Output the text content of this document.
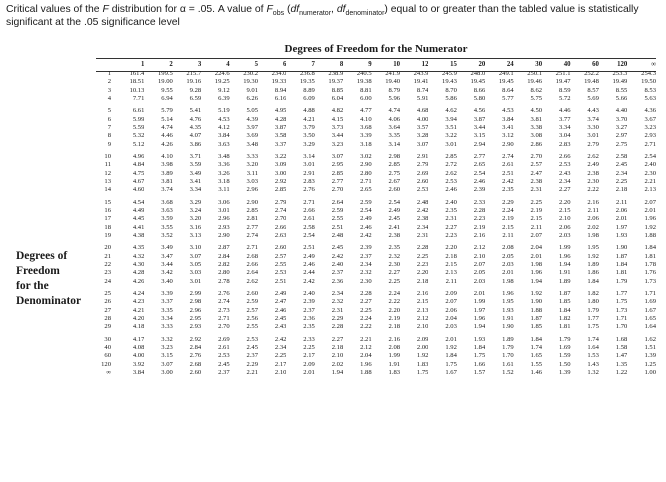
Critical values of the F distribution for α = .05. A value of $F_{obs}$ ($df_{numerator}$, $df_{denominator}$) equal to or greater than the tabled value is statistically significant at the .05 significance level
Degrees of Freedom for the Numerator
Degrees of
Freedom
for the
Denominator
	1	2	3	4	5	6	7	8	9	10	12	15	20	24	30	40	60	120	∞
1	161.4	199.5	215.7	224.6	230.2	234.0	236.8	238.9	240.5	241.9	243.9	245.9	248.0	249.1	250.1	251.1	252.2	253.3	254.3
2	18.51	19.00	19.16	19.25	19.30	19.33	19.35	19.37	19.38	19.40	19.41	19.43	19.45	19.45	19.46	19.47	19.48	19.49	19.50
3	10.13	9.55	9.28	9.12	9.01	8.94	8.89	8.85	8.81	8.79	8.74	8.70	8.66	8.64	8.62	8.59	8.57	8.55	8.53
4	7.71	6.94	6.59	6.39	6.26	6.16	6.09	6.04	6.00	5.96	5.91	5.86	5.80	5.77	5.75	5.72	5.69	5.66	5.63

5	6.61	5.79	5.41	5.19	5.05	4.95	4.88	4.82	4.77	4.74	4.68	4.62	4.56	4.53	4.50	4.46	4.43	4.40	4.36
6	5.99	5.14	4.76	4.53	4.39	4.28	4.21	4.15	4.10	4.06	4.00	3.94	3.87	3.84	3.81	3.77	3.74	3.70	3.67
7	5.59	4.74	4.35	4.12	3.97	3.87	3.79	3.73	3.68	3.64	3.57	3.51	3.44	3.41	3.38	3.34	3.30	3.27	3.23
8	5.32	4.46	4.07	3.84	3.69	3.58	3.50	3.44	3.39	3.35	3.28	3.22	3.15	3.12	3.08	3.04	3.01	2.97	2.93
9	5.12	4.26	3.86	3.63	3.48	3.37	3.29	3.23	3.18	3.14	3.07	3.01	2.94	2.90	2.86	2.83	2.79	2.75	2.71

10	4.96	4.10	3.71	3.48	3.33	3.22	3.14	3.07	3.02	2.98	2.91	2.85	2.77	2.74	2.70	2.66	2.62	2.58	2.54
11	4.84	3.98	3.59	3.36	3.20	3.09	3.01	2.95	2.90	2.85	2.79	2.72	2.65	2.61	2.57	2.53	2.49	2.45	2.40
12	4.75	3.89	3.49	3.26	3.11	3.00	2.91	2.85	2.80	2.75	2.69	2.62	2.54	2.51	2.47	2.43	2.38	2.34	2.30
13	4.67	3.81	3.41	3.18	3.03	2.92	2.83	2.77	2.71	2.67	2.60	2.53	2.46	2.42	2.38	2.34	2.30	2.25	2.21
14	4.60	3.74	3.34	3.11	2.96	2.85	2.76	2.70	2.65	2.60	2.53	2.46	2.39	2.35	2.31	2.27	2.22	2.18	2.13

15	4.54	3.68	3.29	3.06	2.90	2.79	2.71	2.64	2.59	2.54	2.48	2.40	2.33	2.29	2.25	2.20	2.16	2.11	2.07
16	4.49	3.63	3.24	3.01	2.85	2.74	2.66	2.59	2.54	2.49	2.42	2.35	2.28	2.24	2.19	2.15	2.11	2.06	2.01
17	4.45	3.59	3.20	2.96	2.81	2.70	2.61	2.55	2.49	2.45	2.38	2.31	2.23	2.19	2.15	2.10	2.06	2.01	1.96
18	4.41	3.55	3.16	2.93	2.77	2.66	2.58	2.51	2.46	2.41	2.34	2.27	2.19	2.15	2.11	2.06	2.02	1.97	1.92
19	4.38	3.52	3.13	2.90	2.74	2.63	2.54	2.48	2.42	2.38	2.31	2.23	2.16	2.11	2.07	2.03	1.98	1.93	1.88

20	4.35	3.49	3.10	2.87	2.71	2.60	2.51	2.45	2.39	2.35	2.28	2.20	2.12	2.08	2.04	1.99	1.95	1.90	1.84
21	4.32	3.47	3.07	2.84	2.68	2.57	2.49	2.42	2.37	2.32	2.25	2.18	2.10	2.05	2.01	1.96	1.92	1.87	1.81
22	4.30	3.44	3.05	2.82	2.66	2.55	2.46	2.40	2.34	2.30	2.23	2.15	2.07	2.03	1.98	1.94	1.89	1.84	1.78
23	4.28	3.42	3.03	2.80	2.64	2.53	2.44	2.37	2.32	2.27	2.20	2.13	2.05	2.01	1.96	1.91	1.86	1.81	1.76
24	4.26	3.40	3.01	2.78	2.62	2.51	2.42	2.36	2.30	2.25	2.18	2.11	2.03	1.98	1.94	1.89	1.84	1.79	1.73

25	4.24	3.39	2.99	2.76	2.60	2.49	2.40	2.34	2.28	2.24	2.16	2.09	2.01	1.96	1.92	1.87	1.82	1.77	1.71
26	4.23	3.37	2.98	2.74	2.59	2.47	2.39	2.32	2.27	2.22	2.15	2.07	1.99	1.95	1.90	1.85	1.80	1.75	1.69
27	4.21	3.35	2.96	2.73	2.57	2.46	2.37	2.31	2.25	2.20	2.13	2.06	1.97	1.93	1.88	1.84	1.79	1.73	1.67
28	4.20	3.34	2.95	2.71	2.56	2.45	2.36	2.29	2.24	2.19	2.12	2.04	1.96	1.91	1.87	1.82	1.77	1.71	1.65
29	4.18	3.33	2.93	2.70	2.55	2.43	2.35	2.28	2.22	2.18	2.10	2.03	1.94	1.90	1.85	1.81	1.75	1.70	1.64

30	4.17	3.32	2.92	2.69	2.53	2.42	2.33	2.27	2.21	2.16	2.09	2.01	1.93	1.89	1.84	1.79	1.74	1.68	1.62
40	4.08	3.23	2.84	2.61	2.45	2.34	2.25	2.18	2.12	2.08	2.00	1.92	1.84	1.79	1.74	1.69	1.64	1.58	1.51
60	4.00	3.15	2.76	2.53	2.37	2.25	2.17	2.10	2.04	1.99	1.92	1.84	1.75	1.70	1.65	1.59	1.53	1.47	1.39
120	3.92	3.07	2.68	2.45	2.29	2.17	2.09	2.02	1.96	1.91	1.83	1.75	1.66	1.61	1.55	1.50	1.43	1.35	1.25
∞	3.84	3.00	2.60	2.37	2.21	2.10	2.01	1.94	1.88	1.83	1.75	1.67	1.57	1.52	1.46	1.39	1.32	1.22	1.00
